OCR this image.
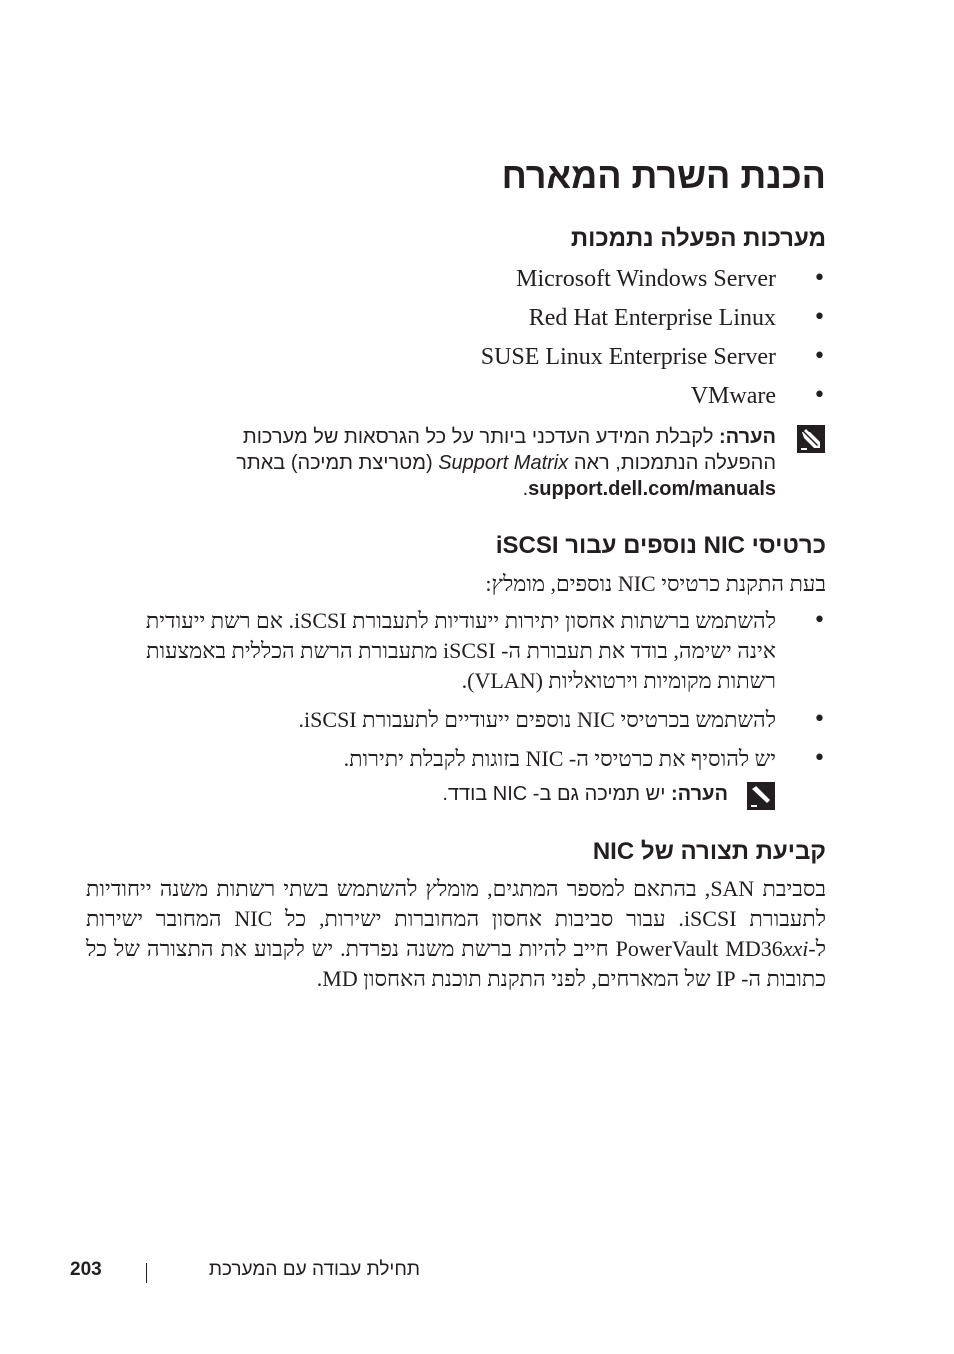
הכנת השרת המארח
מערכות הפעלה נתמכות
•
Microsoft Windows Server
•
Red Hat Enterprise Linux
•
SUSE Linux Enterprise Server
•
VMware
הערה: לקבלת המידע העדכני ביותר על כל הגרסאות של מערכות ההפעלה הנתמכות, ראה Support Matrix (מטריצת תמיכה) באתר support.dell.com/manuals.
כרטיסי NIC נוספים עבור iSCSI

בעת התקנת כרטיסי NIC נוספים, מומלץ:

•
להשתמש ברשתות אחסון יתירות ייעודיות לתעבורת iSCSI. אם רשת ייעודית אינה ישימה, בודד את תעבורת ה- iSCSI מתעבורת הרשת הכללית באמצעות רשתות מקומיות וירטואליות (VLAN).
•
להשתמש בכרטיסי NIC נוספים ייעודיים לתעבורת iSCSI.
•
יש להוסיף את כרטיסי ה- NIC בזוגות לקבלת יתירות.
הערה: יש תמיכה גם ב- NIC בודד.
קביעת תצורה של NIC

בסביבת SAN, בהתאם למספר המתגים, מומלץ להשתמש בשתי רשתות משנה ייחודיות לתעבורת iSCSI. עבור סביבות אחסון המחוברות ישירות, כל NIC המחובר ישירות ל-PowerVault MD36xxi חייב להיות ברשת משנה נפרדת. יש לקבוע את התצורה של כל כתובות ה- IP של המארחים, לפני התקנת תוכנת האחסון MD.

203	תחילת עבודה עם המערכת
